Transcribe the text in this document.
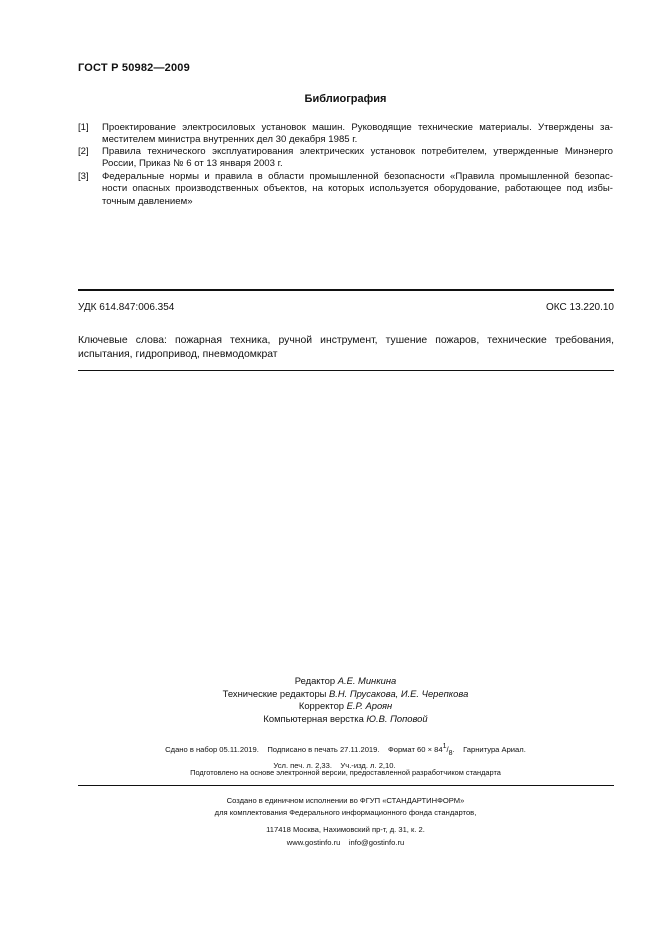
ГОСТ Р 50982—2009
Библиография
[1] Проектирование электросиловых установок машин. Руководящие технические материалы. Утверждены за-
местителем министра внутренних дел 30 декабря 1985 г.
[2] Правила технического эксплуатирования электрических установок потребителем, утвержденные Минэнерго
России, Приказ № 6 от 13 января 2003 г.
[3] Федеральные нормы и правила в области промышленной безопасности «Правила промышленной безопас-
ности опасных производственных объектов, на которых используется оборудование, работающее под избы-
точным давлением»
УДК 614.847:006.354	ОКС 13.220.10
Ключевые слова: пожарная техника, ручной инструмент, тушение пожаров, технические требования,
испытания, гидропривод, пневмодомкрат
Редактор А.Е. Минкина
Технические редакторы В.Н. Прусакова, И.Е. Черепкова
Корректор Е.Р. Ароян
Компьютерная верстка Ю.В. Поповой
Сдано в набор 05.11.2019. Подписано в печать 27.11.2019. Формат $60 \times 84^1/_8$. Гарнитура Ариал.
Усл. печ. л. 2,33. Уч.-изд. л. 2,10.
Подготовлено на основе электронной версии, предоставленной разработчиком стандарта
Создано в единичном исполнении во ФГУП «СТАНДАРТИНФОРМ»
для комплектования Федерального информационного фонда стандартов,
117418 Москва, Нахимовский пр-т, д. 31, к. 2.
www.gostinfo.ru info@gostinfo.ru
